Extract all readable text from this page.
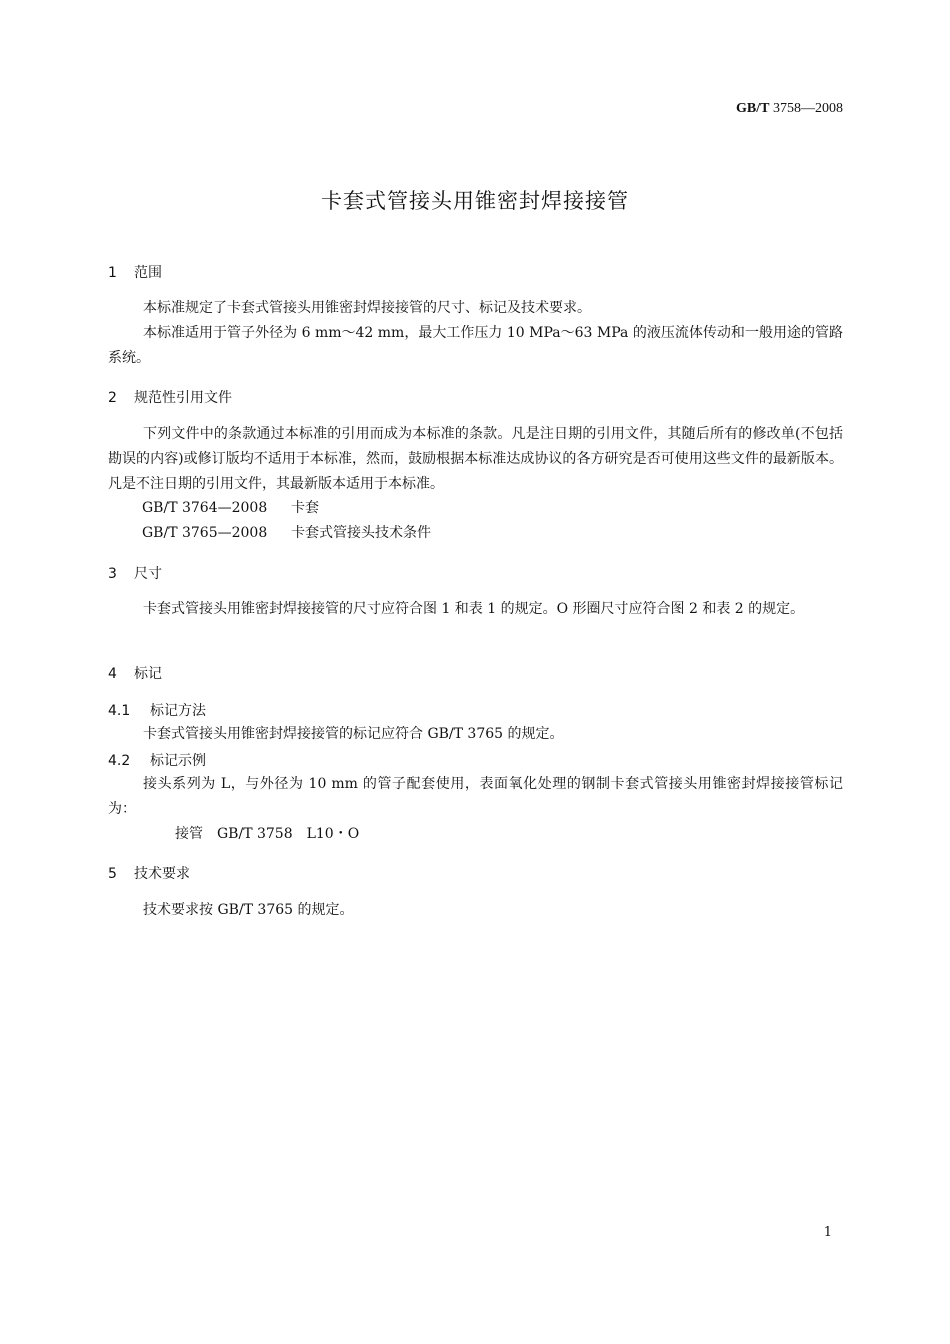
GB/T 3758—2008
卡套式管接头用锥密封焊接接管
1 范围
本标准规定了卡套式管接头用锥密封焊接接管的尺寸、标记及技术要求。
本标准适用于管子外径为 6 mm～42 mm，最大工作压力 10 MPa～63 MPa 的液压流体传动和一般用途的管路系统。
2 规范性引用文件
下列文件中的条款通过本标准的引用而成为本标准的条款。凡是注日期的引用文件，其随后所有的修改单(不包括勘误的内容)或修订版均不适用于本标准，然而，鼓励根据本标准达成协议的各方研究是否可使用这些文件的最新版本。凡是不注日期的引用文件，其最新版本适用于本标准。
GB/T 3764—2008 卡套
GB/T 3765—2008 卡套式管接头技术条件
3 尺寸
卡套式管接头用锥密封焊接接管的尺寸应符合图 1 和表 1 的规定。O 形圈尺寸应符合图 2 和表 2 的规定。
4 标记
4.1 标记方法
卡套式管接头用锥密封焊接接管的标记应符合 GB/T 3765 的规定。
4.2 标记示例
接头系列为 L，与外径为 10 mm 的管子配套使用，表面氧化处理的钢制卡套式管接头用锥密封焊接接管标记为：
接管　GB/T 3758　L10・O
5 技术要求
技术要求按 GB/T 3765 的规定。
1
